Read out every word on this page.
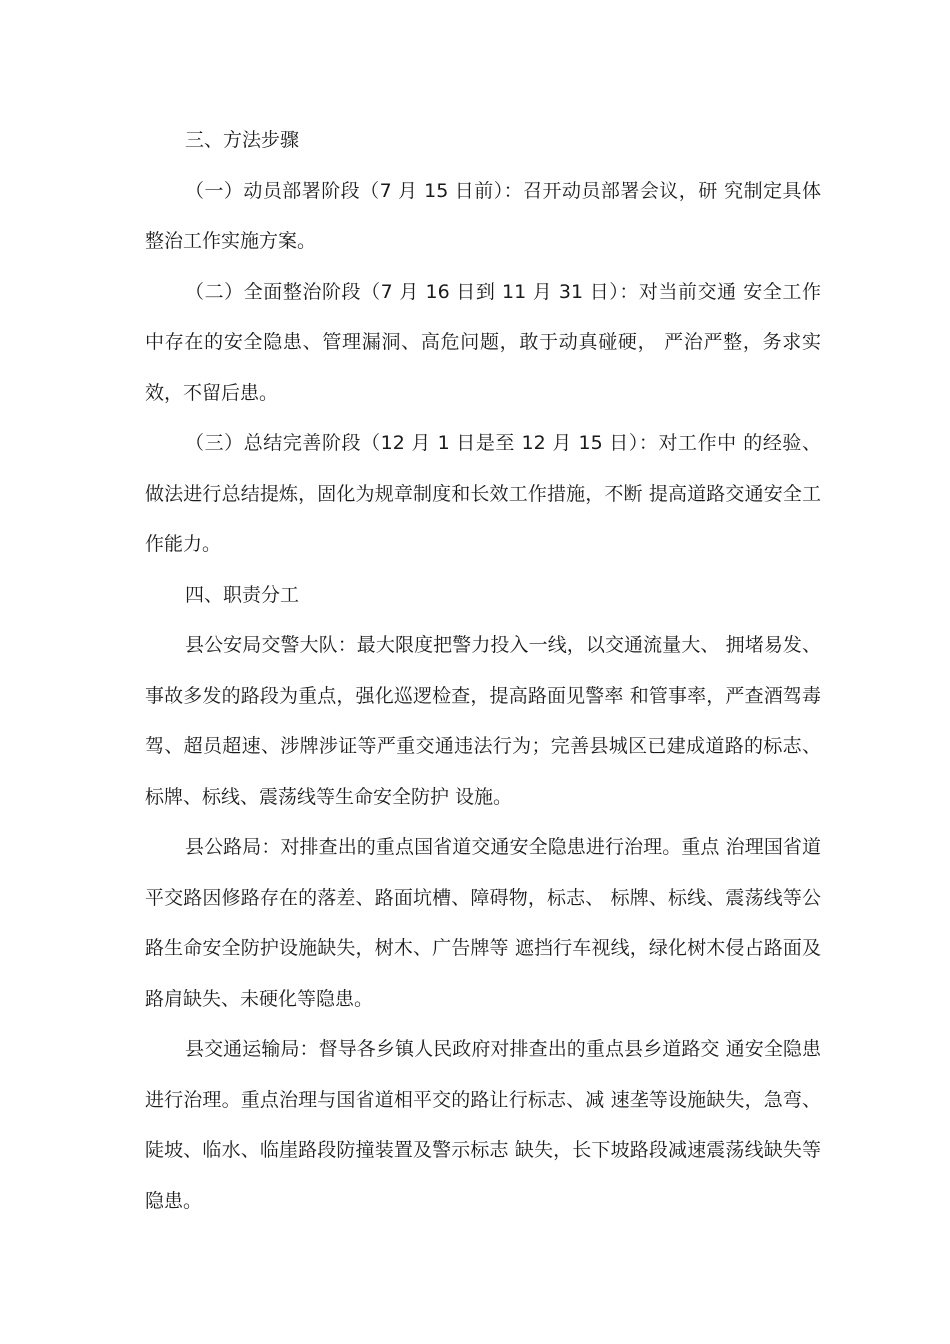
三、方法步骤

（一）动员部署阶段（7 月 15 日前）：召开动员部署会议，研 究制定具体整治工作实施方案。

（二）全面整治阶段（7 月 16 日到 11 月 31 日）：对当前交通 安全工作中存在的安全隐患、管理漏洞、高危问题，敢于动真碰硬， 严治严整，务求实效，不留后患。

（三）总结完善阶段（12 月 1 日是至 12 月 15 日）：对工作中 的经验、做法进行总结提炼，固化为规章制度和长效工作措施，不断 提高道路交通安全工作能力。

四、职责分工

县公安局交警大队：最大限度把警力投入一线，以交通流量大、 拥堵易发、事故多发的路段为重点，强化巡逻检查，提高路面见警率 和管事率，严查酒驾毒驾、超员超速、涉牌涉证等严重交通违法行为；完善县城区已建成道路的标志、标牌、标线、震荡线等生命安全防护 设施。

县公路局：对排查出的重点国省道交通安全隐患进行治理。重点 治理国省道平交路因修路存在的落差、路面坑槽、障碍物，标志、 标牌、标线、震荡线等公路生命安全防护设施缺失，树木、广告牌等 遮挡行车视线，绿化树木侵占路面及路肩缺失、未硬化等隐患。

县交通运输局：督导各乡镇人民政府对排查出的重点县乡道路交 通安全隐患进行治理。重点治理与国省道相平交的路让行标志、减 速垄等设施缺失，急弯、陡坡、临水、临崖路段防撞装置及警示标志 缺失，长下坡路段减速震荡线缺失等隐患。
